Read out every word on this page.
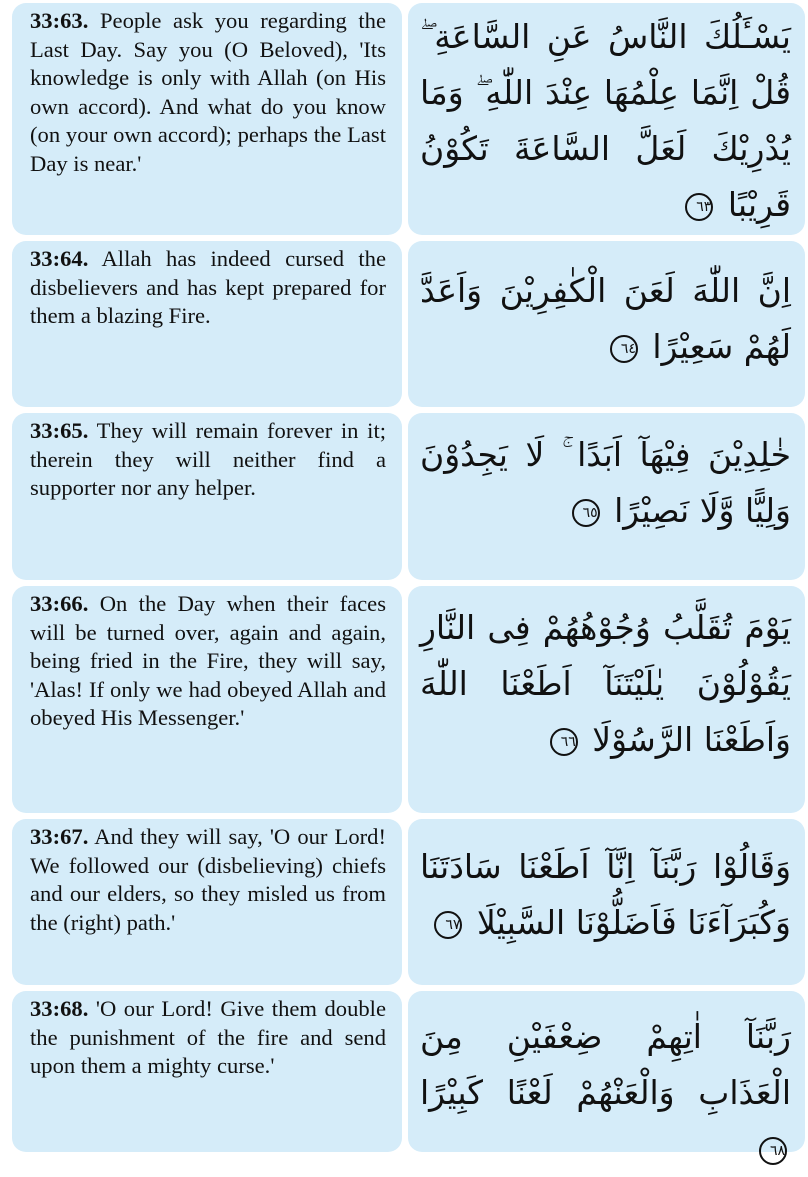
33:63. People ask you regarding the Last Day. Say you (O Beloved), 'Its knowledge is only with Allah (on His own accord). And what do you know (on your own accord); perhaps the Last Day is near.'

يَسْـَٔلُكَ النَّاسُ عَنِ السَّاعَةِ ۖ قُلْ اِنَّمَا عِلْمُهَا عِنْدَ اللّٰهِ ۖ وَمَا يُدْرِيْكَ لَعَلَّ السَّاعَةَ تَكُوْنُ قَرِيْبًا ٦٣

33:64. Allah has indeed cursed the disbelievers and has kept prepared for them a blazing Fire.

اِنَّ اللّٰهَ لَعَنَ الْكٰفِرِيْنَ وَاَعَدَّ لَهُمْ سَعِيْرًا ٦٤

33:65. They will remain forever in it; therein they will neither find a supporter nor any helper.

خٰلِدِيْنَ فِيْهَآ اَبَدًا ۚ لَا يَجِدُوْنَ وَلِيًّا وَّلَا نَصِيْرًا ٦٥

33:66. On the Day when their faces will be turned over, again and again, being fried in the Fire, they will say, 'Alas! If only we had obeyed Allah and obeyed His Messenger.'

يَوْمَ تُقَلَّبُ وُجُوْهُهُمْ فِى النَّارِ يَقُوْلُوْنَ يٰلَيْتَنَآ اَطَعْنَا اللّٰهَ وَاَطَعْنَا الرَّسُوْلَا ٦٦

33:67. And they will say, 'O our Lord! We followed our (disbelieving) chiefs and our elders, so they misled us from the (right) path.'

وَقَالُوْا رَبَّنَآ اِنَّآ اَطَعْنَا سَادَتَنَا وَكُبَرَآءَنَا فَاَضَلُّوْنَا السَّبِيْلَا ٦٧

33:68. 'O our Lord! Give them double the punishment of the fire and send upon them a mighty curse.'

رَبَّنَآ اٰتِهِمْ ضِعْفَيْنِ مِنَ الْعَذَابِ وَالْعَنْهُمْ لَعْنًا كَبِيْرًا ٦٨
